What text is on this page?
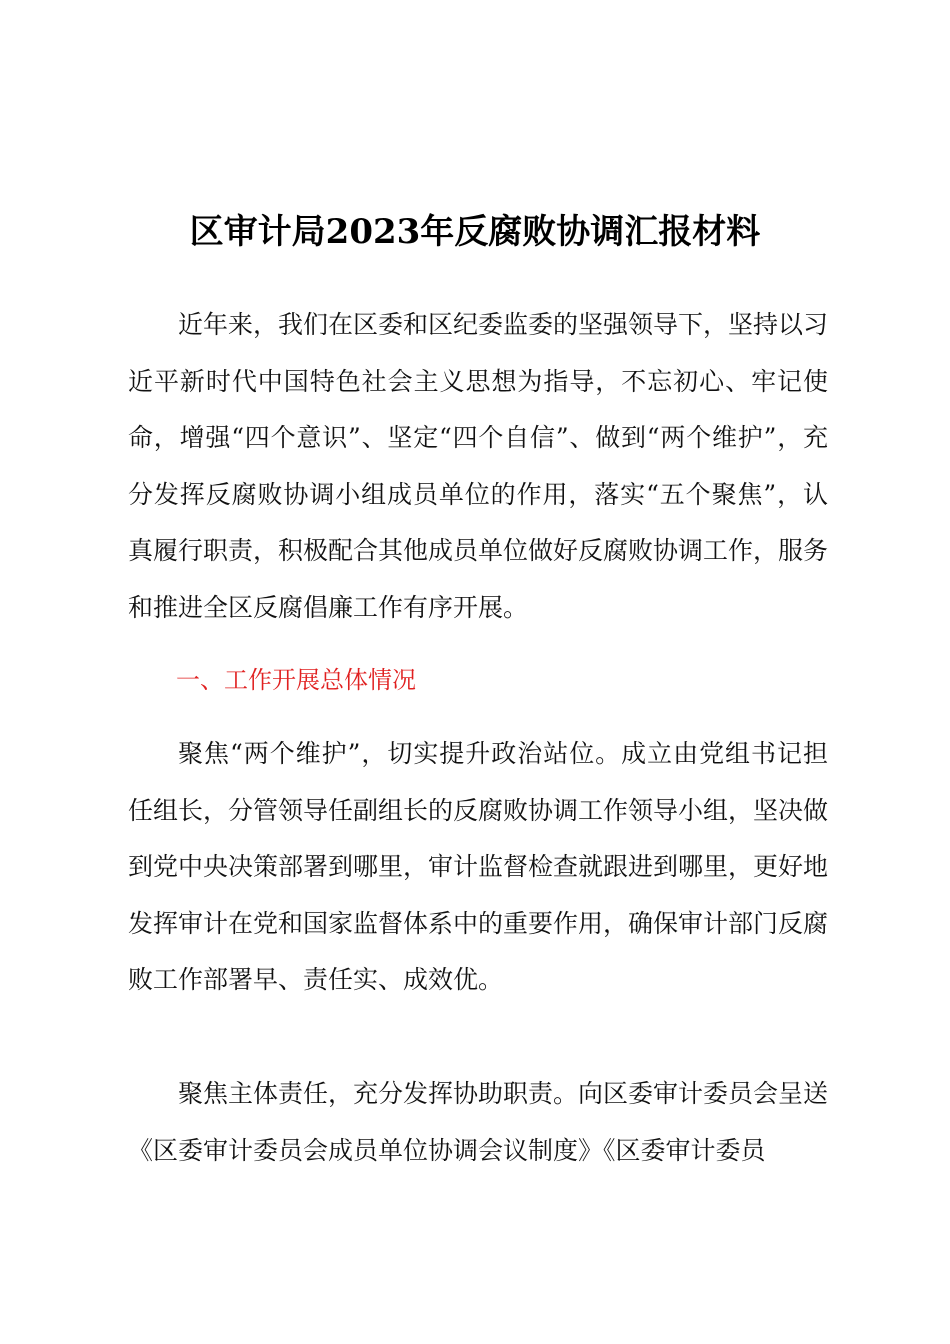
区审计局2023年反腐败协调汇报材料

近年来，我们在区委和区纪委监委的坚强领导下，坚持以习近平新时代中国特色社会主义思想为指导，不忘初心、牢记使命，增强“四个意识”、坚定“四个自信”、做到“两个维护”，充分发挥反腐败协调小组成员单位的作用，落实“五个聚焦”，认真履行职责，积极配合其他成员单位做好反腐败协调工作，服务和推进全区反腐倡廉工作有序开展。

一、工作开展总体情况

聚焦“两个维护”，切实提升政治站位。成立由党组书记担任组长，分管领导任副组长的反腐败协调工作领导小组，坚决做到党中央决策部署到哪里，审计监督检查就跟进到哪里，更好地发挥审计在党和国家监督体系中的重要作用，确保审计部门反腐败工作部署早、责任实、成效优。

聚焦主体责任，充分发挥协助职责。向区委审计委员会呈送《区委审计委员会成员单位协调会议制度》《区委审计委员
